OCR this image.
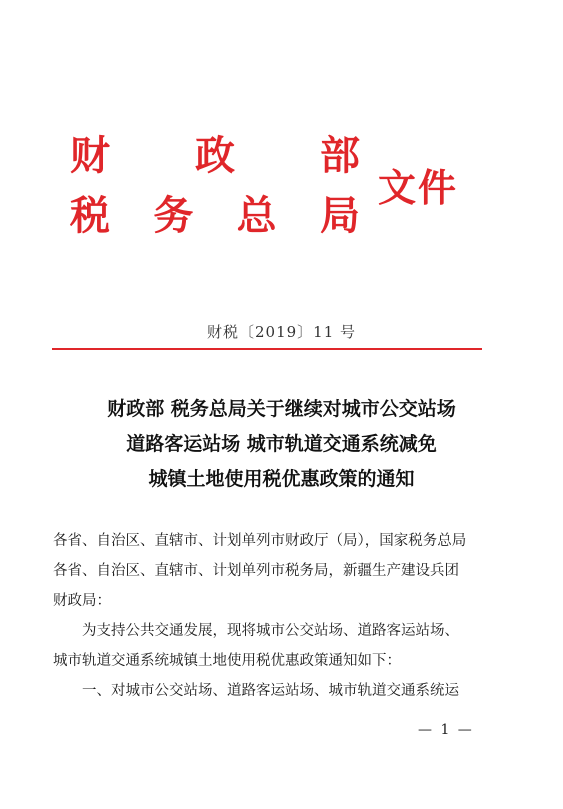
财 政 部
税 务 总 局
文件
财税〔2019〕11 号
财政部 税务总局关于继续对城市公交站场
道路客运站场 城市轨道交通系统减免
城镇土地使用税优惠政策的通知
各省、自治区、直辖市、计划单列市财政厅（局），国家税务总局
各省、自治区、直辖市、计划单列市税务局，新疆生产建设兵团
财政局：
为支持公共交通发展，现将城市公交站场、道路客运站场、
城市轨道交通系统城镇土地使用税优惠政策通知如下：
一、对城市公交站场、道路客运站场、城市轨道交通系统运
— 1 —
